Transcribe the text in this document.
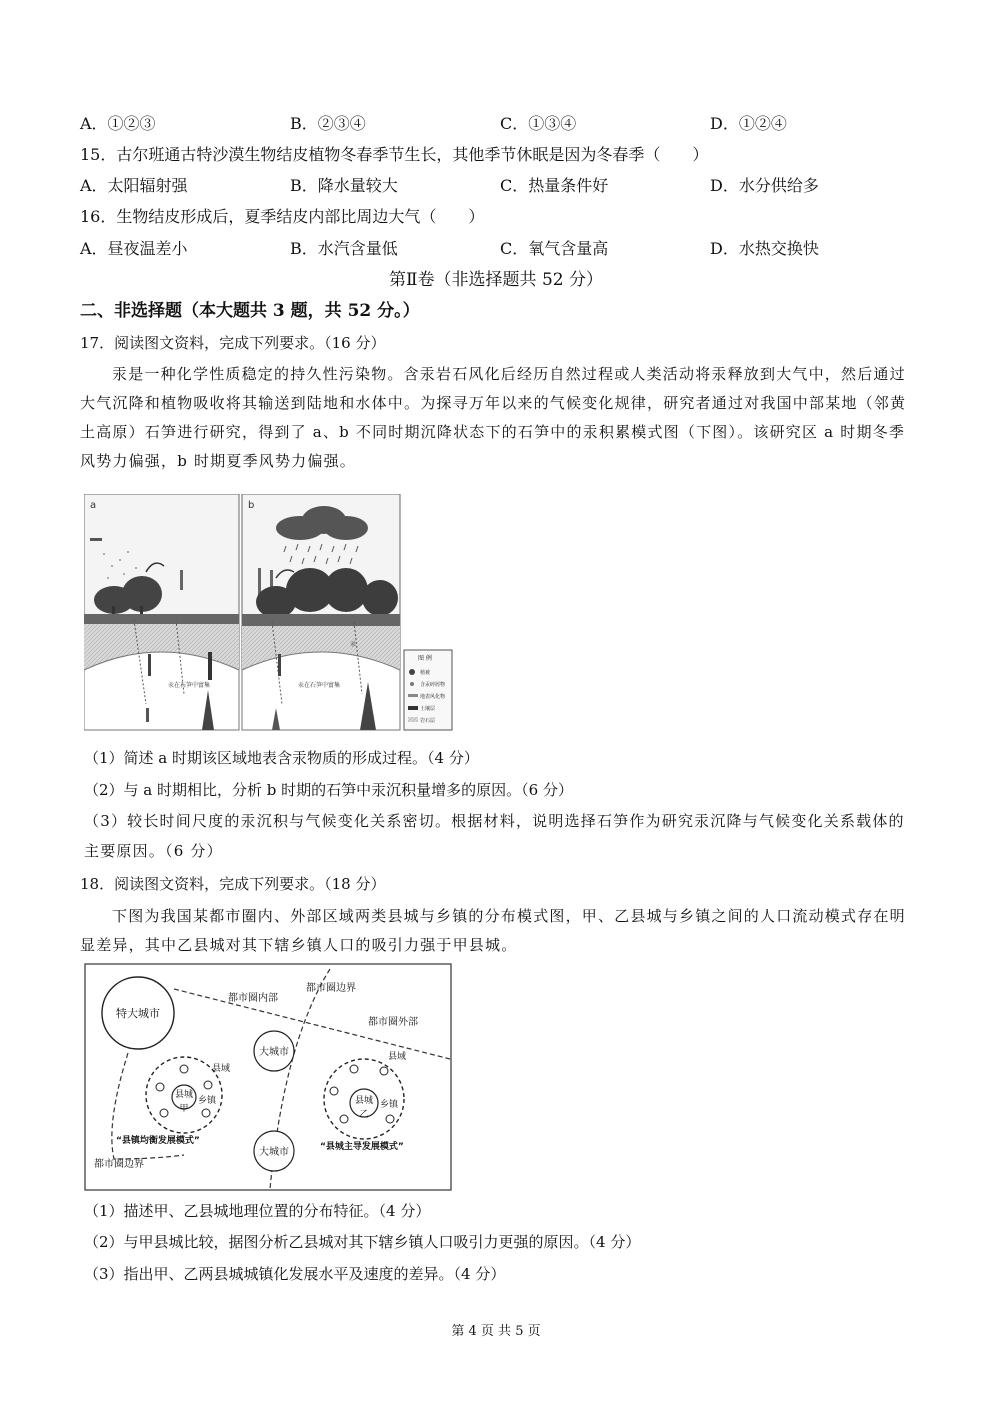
A．①②③	B．②③④	C．①③④	D．①②④
15．古尔班通古特沙漠生物结皮植物冬春季节生长，其他季节休眠是因为冬春季（　　）
A．太阳辐射强	B．降水量较大	C．热量条件好	D．水分供给多
16．生物结皮形成后，夏季结皮内部比周边大气（　　）
A．昼夜温差小	B．水汽含量低	C．氧气含量高	D．水热交换快
第Ⅱ卷（非选择题共 52 分）
二、非选择题（本大题共 3 题，共 52 分。）
17．阅读图文资料，完成下列要求。（16 分）
汞是一种化学性质稳定的持久性污染物。含汞岩石风化后经历自然过程或人类活动将汞释放到大气中，然后通过大气沉降和植物吸收将其输送到陆地和水体中。为探寻万年以来的气候变化规律，研究者通过对我国中部某地（邻黄土高原）石笋进行研究，得到了 a、b 不同时期沉降状态下的石笋中的汞积累模式图（下图）。该研究区 a 时期冬季风势力偏强，b 时期夏季风势力偏强。
a
汞在石笋中富集
b
汞在石笋中富集
汞
图 例
植被
含汞碎屑物
地表风化物
土壤层
岩石层
（1）简述 a 时期该区域地表含汞物质的形成过程。（4 分）
（2）与 a 时期相比，分析 b 时期的石笋中汞沉积量增多的原因。（6 分）
（3）较长时间尺度的汞沉积与气候变化关系密切。根据材料，说明选择石笋作为研究汞沉降与气候变化关系载体的主要原因。（6 分）
18．阅读图文资料，完成下列要求。（18 分）
下图为我国某都市圈内、外部区域两类县城与乡镇的分布模式图，甲、乙县城与乡镇之间的人口流动模式存在明显差异，其中乙县城对其下辖乡镇人口的吸引力强于甲县城。
特大城市
都市圈内部
都市圈边界
都市圈外部
大城市
大城市
县城
甲
县域
乡镇	县城
乙
县域
乡镇
“县镇均衡发展模式”
“县城主导发展模式”
都市圈边界
（1）描述甲、乙县城地理位置的分布特征。（4 分）
（2）与甲县城比较，据图分析乙县城对其下辖乡镇人口吸引力更强的原因。（4 分）
（3）指出甲、乙两县城城镇化发展水平及速度的差异。（4 分）
第 4 页 共 5 页
